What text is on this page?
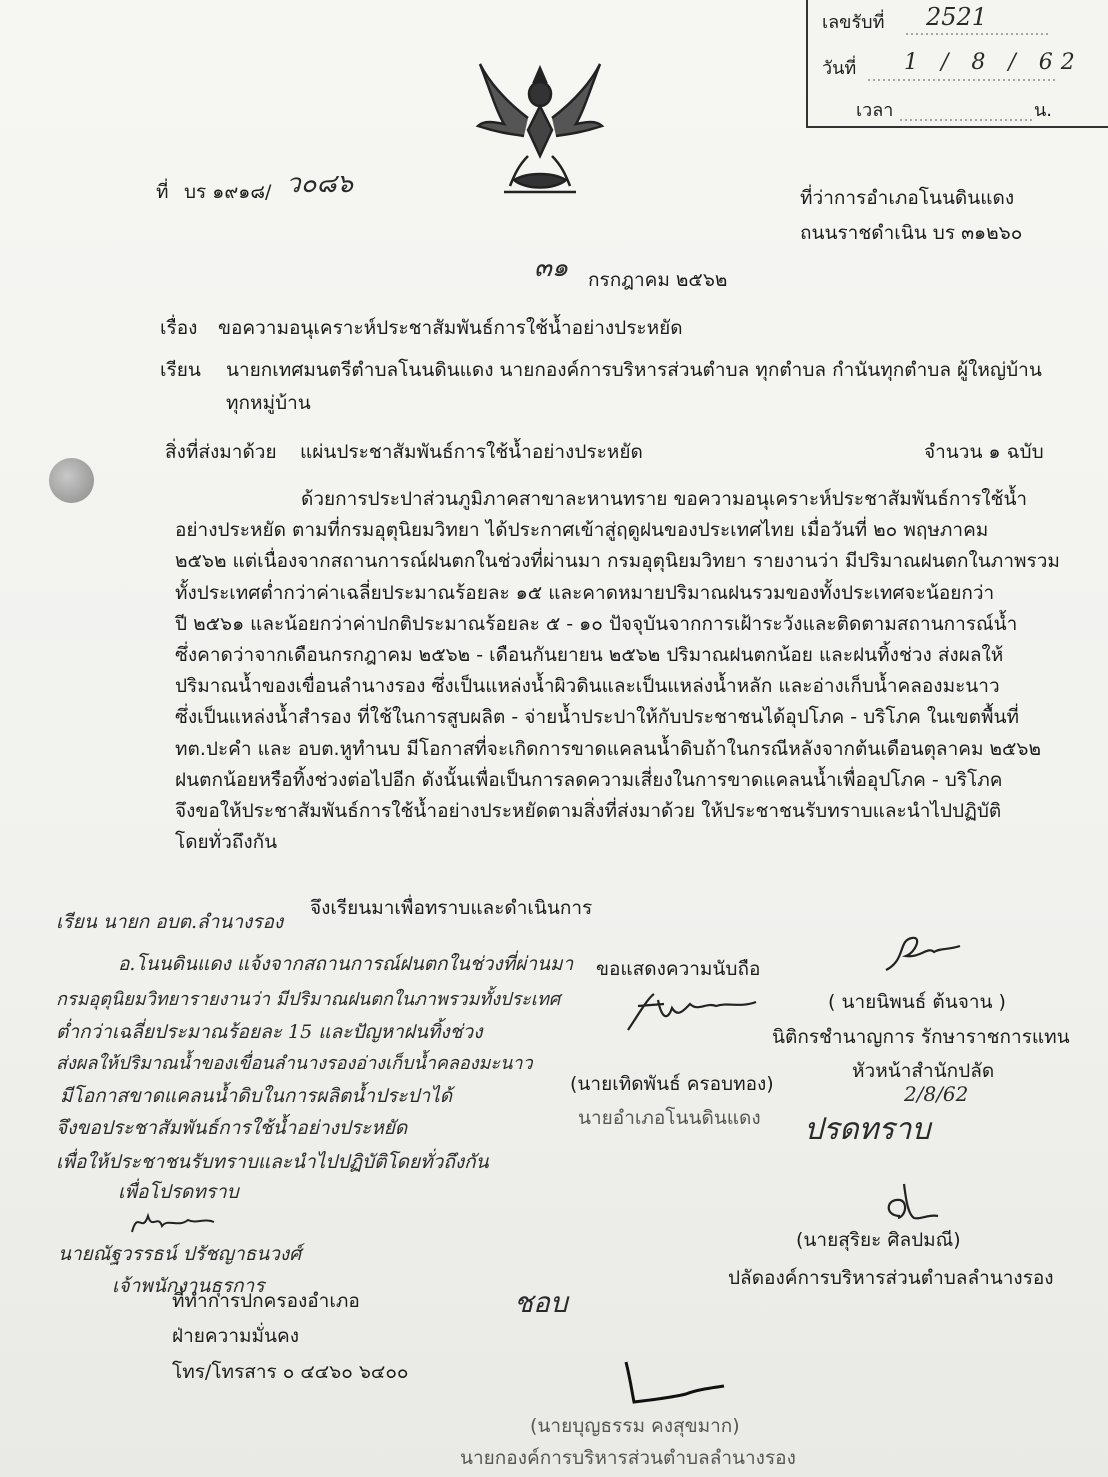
เลขรับที่ 2521
วันที่ 1 / 8 / 62
เวลา	น.
ที่ บร ๑๙๑๘/ ว๐๘๖	ที่ว่าการอำเภอโนนดินแดง
ถนนราชดำเนิน บร ๓๑๒๖๐
๓๑ กรกฎาคม ๒๕๖๒
เรื่อง ขอความอนุเคราะห์ประชาสัมพันธ์การใช้น้ำอย่างประหยัด
เรียน นายกเทศมนตรีตำบลโนนดินแดง นายกองค์การบริหารส่วนตำบล ทุกตำบล กำนันทุกตำบล ผู้ใหญ่บ้าน
ทุกหมู่บ้าน
สิ่งที่ส่งมาด้วย แผ่นประชาสัมพันธ์การใช้น้ำอย่างประหยัด	จำนวน ๑ ฉบับ
ด้วยการประปาส่วนภูมิภาคสาขาละหานทราย ขอความอนุเคราะห์ประชาสัมพันธ์การใช้น้ำ
อย่างประหยัด ตามที่กรมอุตุนิยมวิทยา ได้ประกาศเข้าสู่ฤดูฝนของประเทศไทย เมื่อวันที่ ๒๐ พฤษภาคม
๒๕๖๒ แต่เนื่องจากสถานการณ์ฝนตกในช่วงที่ผ่านมา กรมอุตุนิยมวิทยา รายงานว่า มีปริมาณฝนตกในภาพรวม
ทั้งประเทศต่ำกว่าค่าเฉลี่ยประมาณร้อยละ ๑๕ และคาดหมายปริมาณฝนรวมของทั้งประเทศจะน้อยกว่า
ปี ๒๕๖๑ และน้อยกว่าค่าปกติประมาณร้อยละ ๕ - ๑๐ ปัจจุบันจากการเฝ้าระวังและติดตามสถานการณ์น้ำ
ซึ่งคาดว่าจากเดือนกรกฎาคม ๒๕๖๒ - เดือนกันยายน ๒๕๖๒ ปริมาณฝนตกน้อย และฝนทิ้งช่วง ส่งผลให้
ปริมาณน้ำของเขื่อนลำนางรอง ซึ่งเป็นแหล่งน้ำผิวดินและเป็นแหล่งน้ำหลัก และอ่างเก็บน้ำคลองมะนาว
ซึ่งเป็นแหล่งน้ำสำรอง ที่ใช้ในการสูบผลิต - จ่ายน้ำประปาให้กับประชาชนได้อุปโภค - บริโภค ในเขตพื้นที่
ทต.ปะคำ และ อบต.หูทำนบ มีโอกาสที่จะเกิดการขาดแคลนน้ำดิบถ้าในกรณีหลังจากต้นเดือนตุลาคม ๒๕๖๒
ฝนตกน้อยหรือทิ้งช่วงต่อไปอีก ดังนั้นเพื่อเป็นการลดความเสี่ยงในการขาดแคลนน้ำเพื่ออุปโภค - บริโภค
จึงขอให้ประชาสัมพันธ์การใช้น้ำอย่างประหยัดตามสิ่งที่ส่งมาด้วย ให้ประชาชนรับทราบและนำไปปฏิบัติ
โดยทั่วถึงกัน
จึงเรียนมาเพื่อทราบและดำเนินการ
เรียน นายก อบต.ลำนางรอง
อ.โนนดินแดง แจ้งจากสถานการณ์ฝนตกในช่วงที่ผ่านมา
กรมอุตุนิยมวิทยารายงานว่า มีปริมาณฝนตกในภาพรวมทั้งประเทศ
ต่ำกว่าเฉลี่ยประมาณร้อยละ 15 และปัญหาฝนทิ้งช่วง
ส่งผลให้ปริมาณน้ำของเขื่อนลำนางรองอ่างเก็บน้ำคลองมะนาว
มีโอกาสขาดแคลนน้ำดิบในการผลิตน้ำประปาได้
จึงขอประชาสัมพันธ์การใช้น้ำอย่างประหยัด
เพื่อให้ประชาชนรับทราบและนำไปปฏิบัติโดยทั่วถึงกัน
เพื่อโปรดทราบ
นายณัฐวรรธน์ ปรัชญาธนวงศ์
เจ้าพนักงานธุรการ
ขอแสดงความนับถือ
(นายเทิดพันธ์ ครอบทอง)
นายอำเภอโนนดินแดง
( นายนิพนธ์ ต้นจาน )
นิติกรชำนาญการ รักษาราชการแทน
หัวหน้าสำนักปลัด
2/8/62
ปรดทราบ
(นายสุริยะ ศิลปมณี)
ปลัดองค์การบริหารส่วนตำบลลำนางรอง
ที่ทำการปกครองอำเภอ
ฝ่ายความมั่นคง
โทร/โทรสาร ๐ ๔๔๖๐ ๖๔๐๐
ชอบ
(นายบุญธรรม คงสุขมาก)
นายกองค์การบริหารส่วนตำบลลำนางรอง
